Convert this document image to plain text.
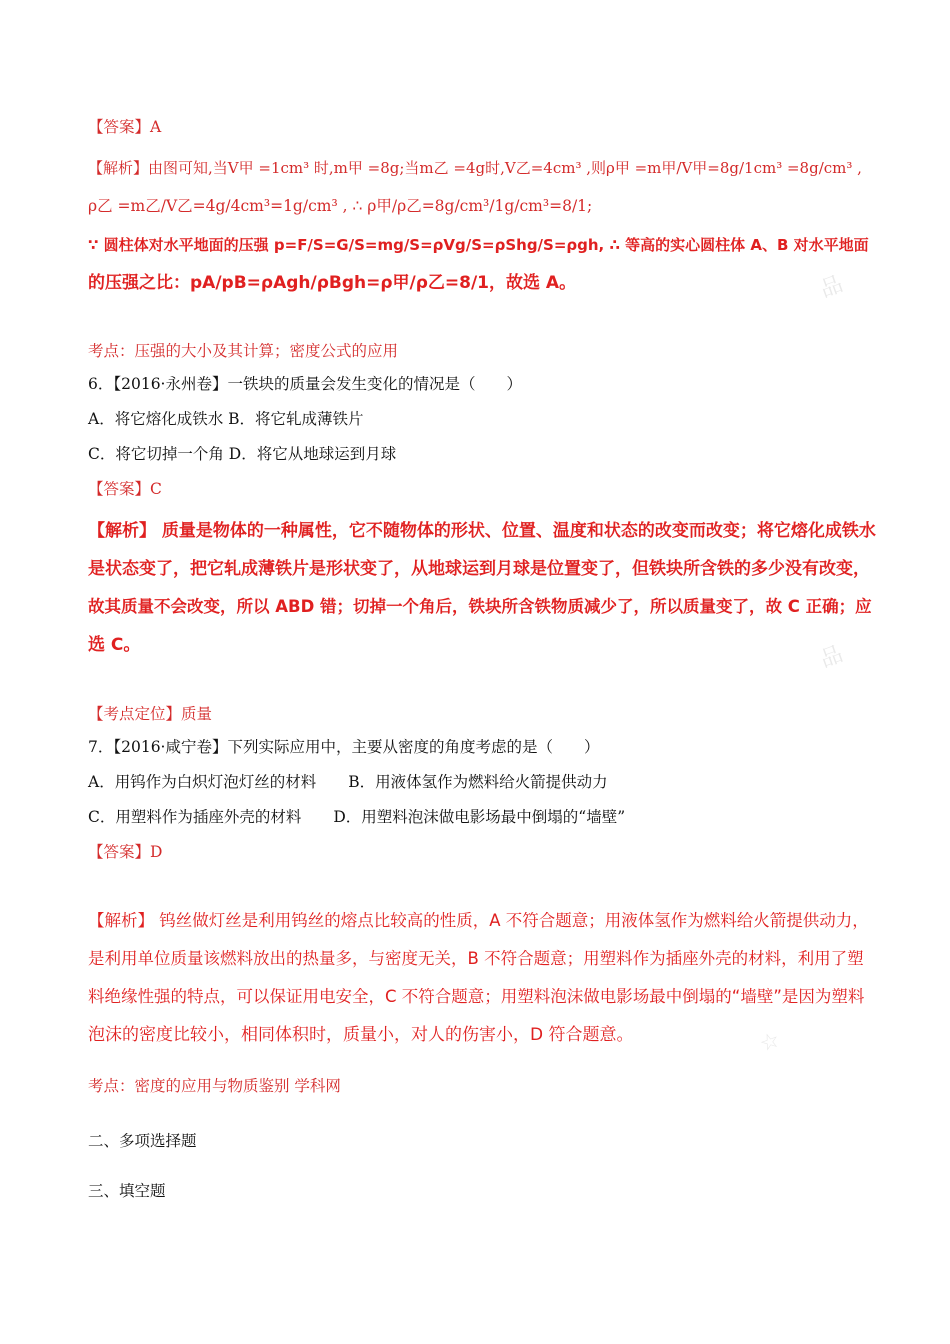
品
品
☆
【答案】A
【解析】由图可知,当V甲 =1cm³ 时,m甲 =8g;当m乙 =4g时,V乙=4cm³ ,则ρ甲 =m甲/V甲=8g/1cm³ =8g/cm³ ,
ρ乙 =m乙/V乙=4g/4cm³=1g/cm³ , ∴ ρ甲/ρ乙=8g/cm³/1g/cm³=8/1;
∵ 圆柱体对水平地面的压强 p=F/S=G/S=mg/S=ρVg/S=ρShg/S=ρgh, ∴ 等高的实心圆柱体 A、B 对水平地面
的压强之比：pA/pB=ρAgh/ρBgh=ρ甲/ρ乙=8/1，故选 A。
考点：压强的大小及其计算；密度公式的应用
6．【2016·永州卷】一铁块的质量会发生变化的情况是（　　）
A．将它熔化成铁水 B．将它轧成薄铁片
C．将它切掉一个角 D．将它从地球运到月球
【答案】C
【解析】 质量是物体的一种属性，它不随物体的形状、位置、温度和状态的改变而改变；将它熔化成铁水
是状态变了，把它轧成薄铁片是形状变了，从地球运到月球是位置变了，但铁块所含铁的多少没有改变，
故其质量不会改变，所以 ABD 错；切掉一个角后，铁块所含铁物质减少了，所以质量变了，故 C 正确；应
选 C。
【考点定位】质量
7．【2016·咸宁卷】下列实际应用中，主要从密度的角度考虑的是（　　）
A．用钨作为白炽灯泡灯丝的材料 B．用液体氢作为燃料给火箭提供动力
C．用塑料作为插座外壳的材料 D．用塑料泡沫做电影场最中倒塌的“墙壁”
【答案】D
【解析】 钨丝做灯丝是利用钨丝的熔点比较高的性质，A 不符合题意；用液体氢作为燃料给火箭提供动力，
是利用单位质量该燃料放出的热量多，与密度无关，B 不符合题意；用塑料作为插座外壳的材料，利用了塑
料绝缘性强的特点，可以保证用电安全，C 不符合题意；用塑料泡沫做电影场最中倒塌的“墙壁”是因为塑料
泡沫的密度比较小，相同体积时，质量小，对人的伤害小，D 符合题意。
考点：密度的应用与物质鉴别 学科网
二、多项选择题
三、填空题
